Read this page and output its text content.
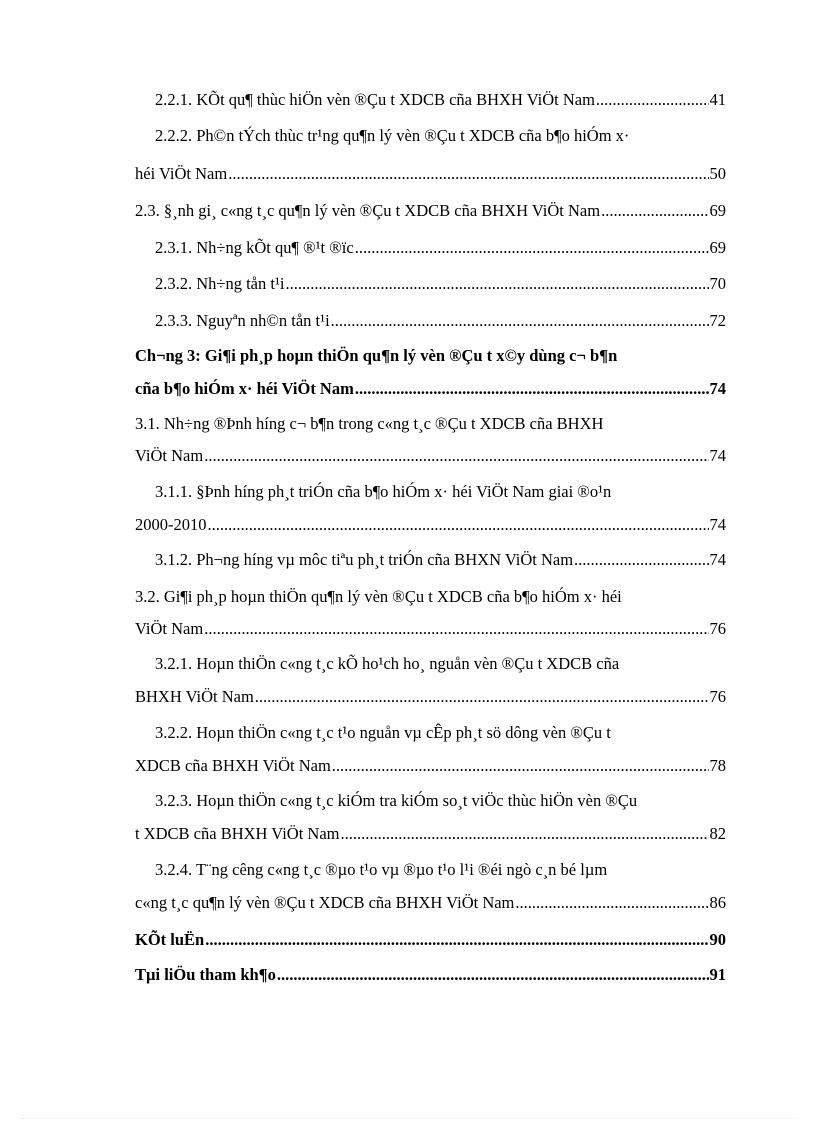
2.2.1. KÕt qu¶ thùc hiÖn vèn ®Çu t XDCB cña BHXH ViÖt Nam .....	41
2.2.2. Ph©n tÝch thùc tr¹ng qu¶n lý vèn ®Çu t XDCB cña b¶o hiÓm x·
héi ViÖt Nam .....	50
2.3. §¸nh gi¸ c«ng t¸c qu¶n lý vèn ®Çu t XDCB cña BHXH ViÖt Nam .....	69
2.3.1. Nh÷ng kÕt qu¶ ®¹t ®ïc .....	69
2.3.2. Nh÷ng tån t¹i .....	70
2.3.3. Nguyªn nh©n tån t¹i .....	72
Ch¬ng 3: Gi¶i ph¸p hoµn thiÖn qu¶n lý vèn ®Çu t x©y dùng c¬ b¶n
cña b¶o hiÓm x· héi ViÖt Nam .....	74
3.1. Nh÷ng ®Þnh híng c¬ b¶n trong c«ng t¸c ®Çu t XDCB cña BHXH
ViÖt Nam .....	74
3.1.1. §Þnh híng ph¸t triÓn cña b¶o hiÓm x· héi ViÖt Nam giai ®o¹n
2000-2010 .....	74
3.1.2. Ph¬ng híng vµ môc tiªu ph¸t triÓn cña BHXN ViÖt Nam .....	74
3.2. Gi¶i ph¸p hoµn thiÖn qu¶n lý vèn ®Çu t XDCB cña b¶o hiÓm x· héi
ViÖt Nam .....	76
3.2.1. Hoµn thiÖn c«ng t¸c kÕ ho¹ch ho¸ nguån vèn ®Çu t XDCB cña
BHXH ViÖt Nam .....	76
3.2.2. Hoµn thiÖn c«ng t¸c t¹o nguån vµ cÊp ph¸t sö dông vèn ®Çu t
XDCB cña BHXH ViÖt Nam .....	78
3.2.3. Hoµn thiÖn c«ng t¸c kiÓm tra kiÓm so¸t viÖc thùc hiÖn vèn ®Çu
t XDCB cña BHXH ViÖt Nam .....	82
3.2.4. T¨ng cêng c«ng t¸c ®µo t¹o vµ ®µo t¹o l¹i ®éi ngò c¸n bé lµm
c«ng t¸c qu¶n lý vèn ®Çu t XDCB cña BHXH ViÖt Nam .....	86
KÕt luËn .....	90
Tµi liÖu tham kh¶o .....	91
